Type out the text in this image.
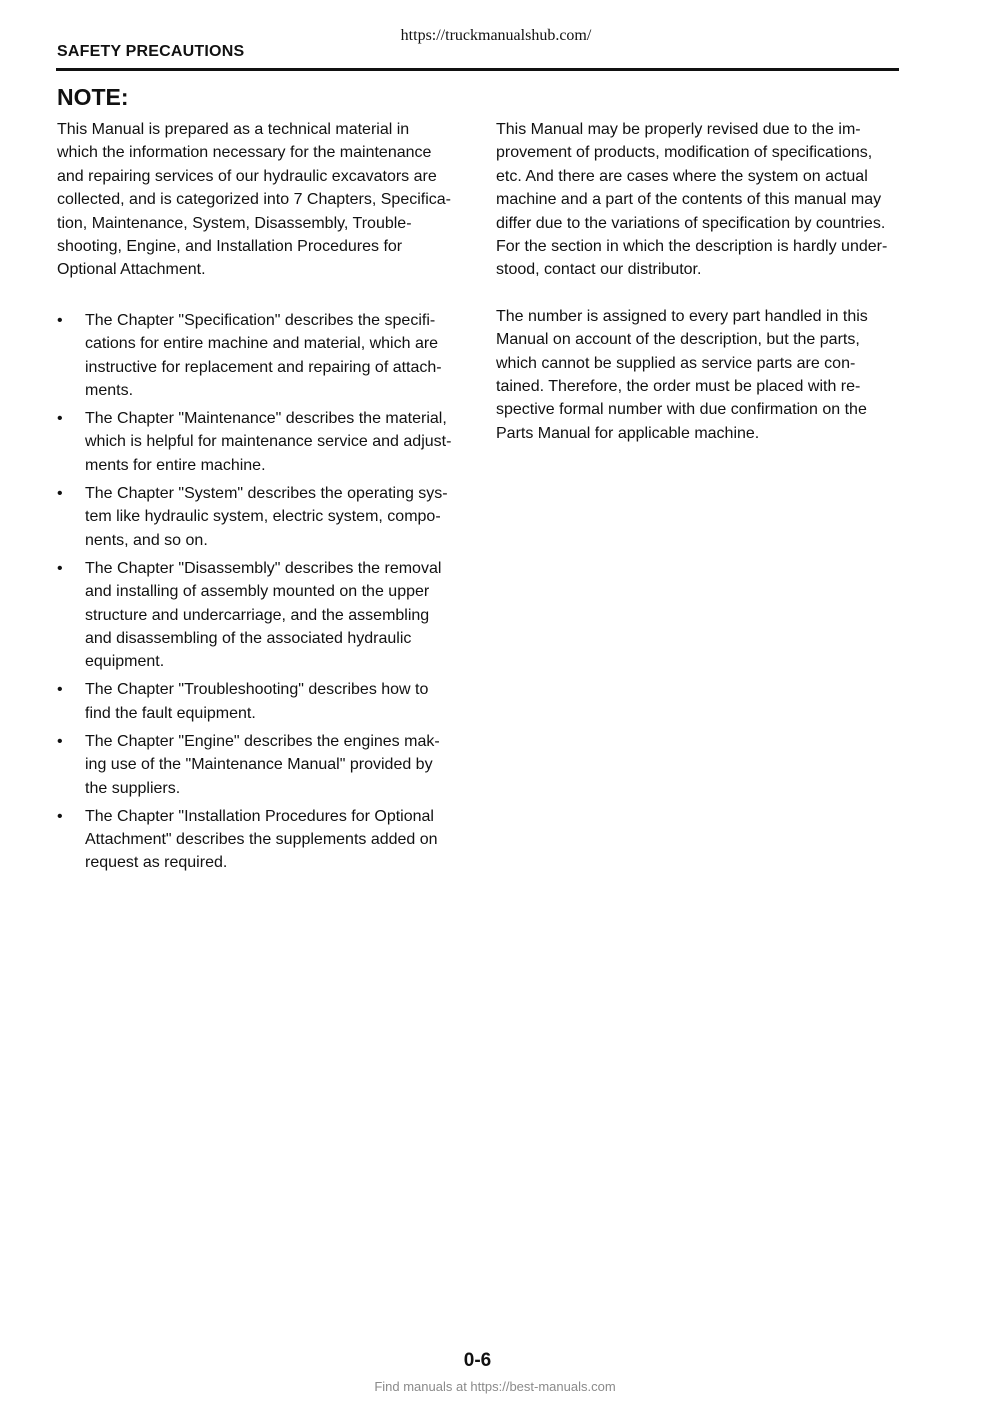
https://truckmanualshub.com/
SAFETY PRECAUTIONS
NOTE:

This Manual is prepared as a technical material in
which the information necessary for the maintenance
and repairing services of our hydraulic excavators are
collected, and is categorized into 7 Chapters, Specifica-
tion, Maintenance, System, Disassembly, Trouble-
shooting, Engine, and Installation Procedures for
Optional Attachment.

• The Chapter "Specification" describes the specifi-
cations for entire machine and material, which are
instructive for replacement and repairing of attach-
ments.
• The Chapter "Maintenance" describes the material,
which is helpful for maintenance service and adjust-
ments for entire machine.
• The Chapter "System" describes the operating sys-
tem like hydraulic system, electric system, compo-
nents, and so on.
• The Chapter "Disassembly" describes the removal
and installing of assembly mounted on the upper
structure and undercarriage, and the assembling
and disassembling of the associated hydraulic
equipment.
• The Chapter "Troubleshooting" describes how to
find the fault equipment.
• The Chapter "Engine" describes the engines mak-
ing use of the "Maintenance Manual" provided by
the suppliers.
• The Chapter "Installation Procedures for Optional
Attachment" describes the supplements added on
request as required.

This Manual may be properly revised due to the im-
provement of products, modification of specifications,
etc. And there are cases where the system on actual
machine and a part of the contents of this manual may
differ due to the variations of specification by countries.
For the section in which the description is hardly under-
stood, contact our distributor.

The number is assigned to every part handled in this
Manual on account of the description, but the parts,
which cannot be supplied as service parts are con-
tained. Therefore, the order must be placed with re-
spective formal number with due confirmation on the
Parts Manual for applicable machine.

0-6
Find manuals at https://best-manuals.com
